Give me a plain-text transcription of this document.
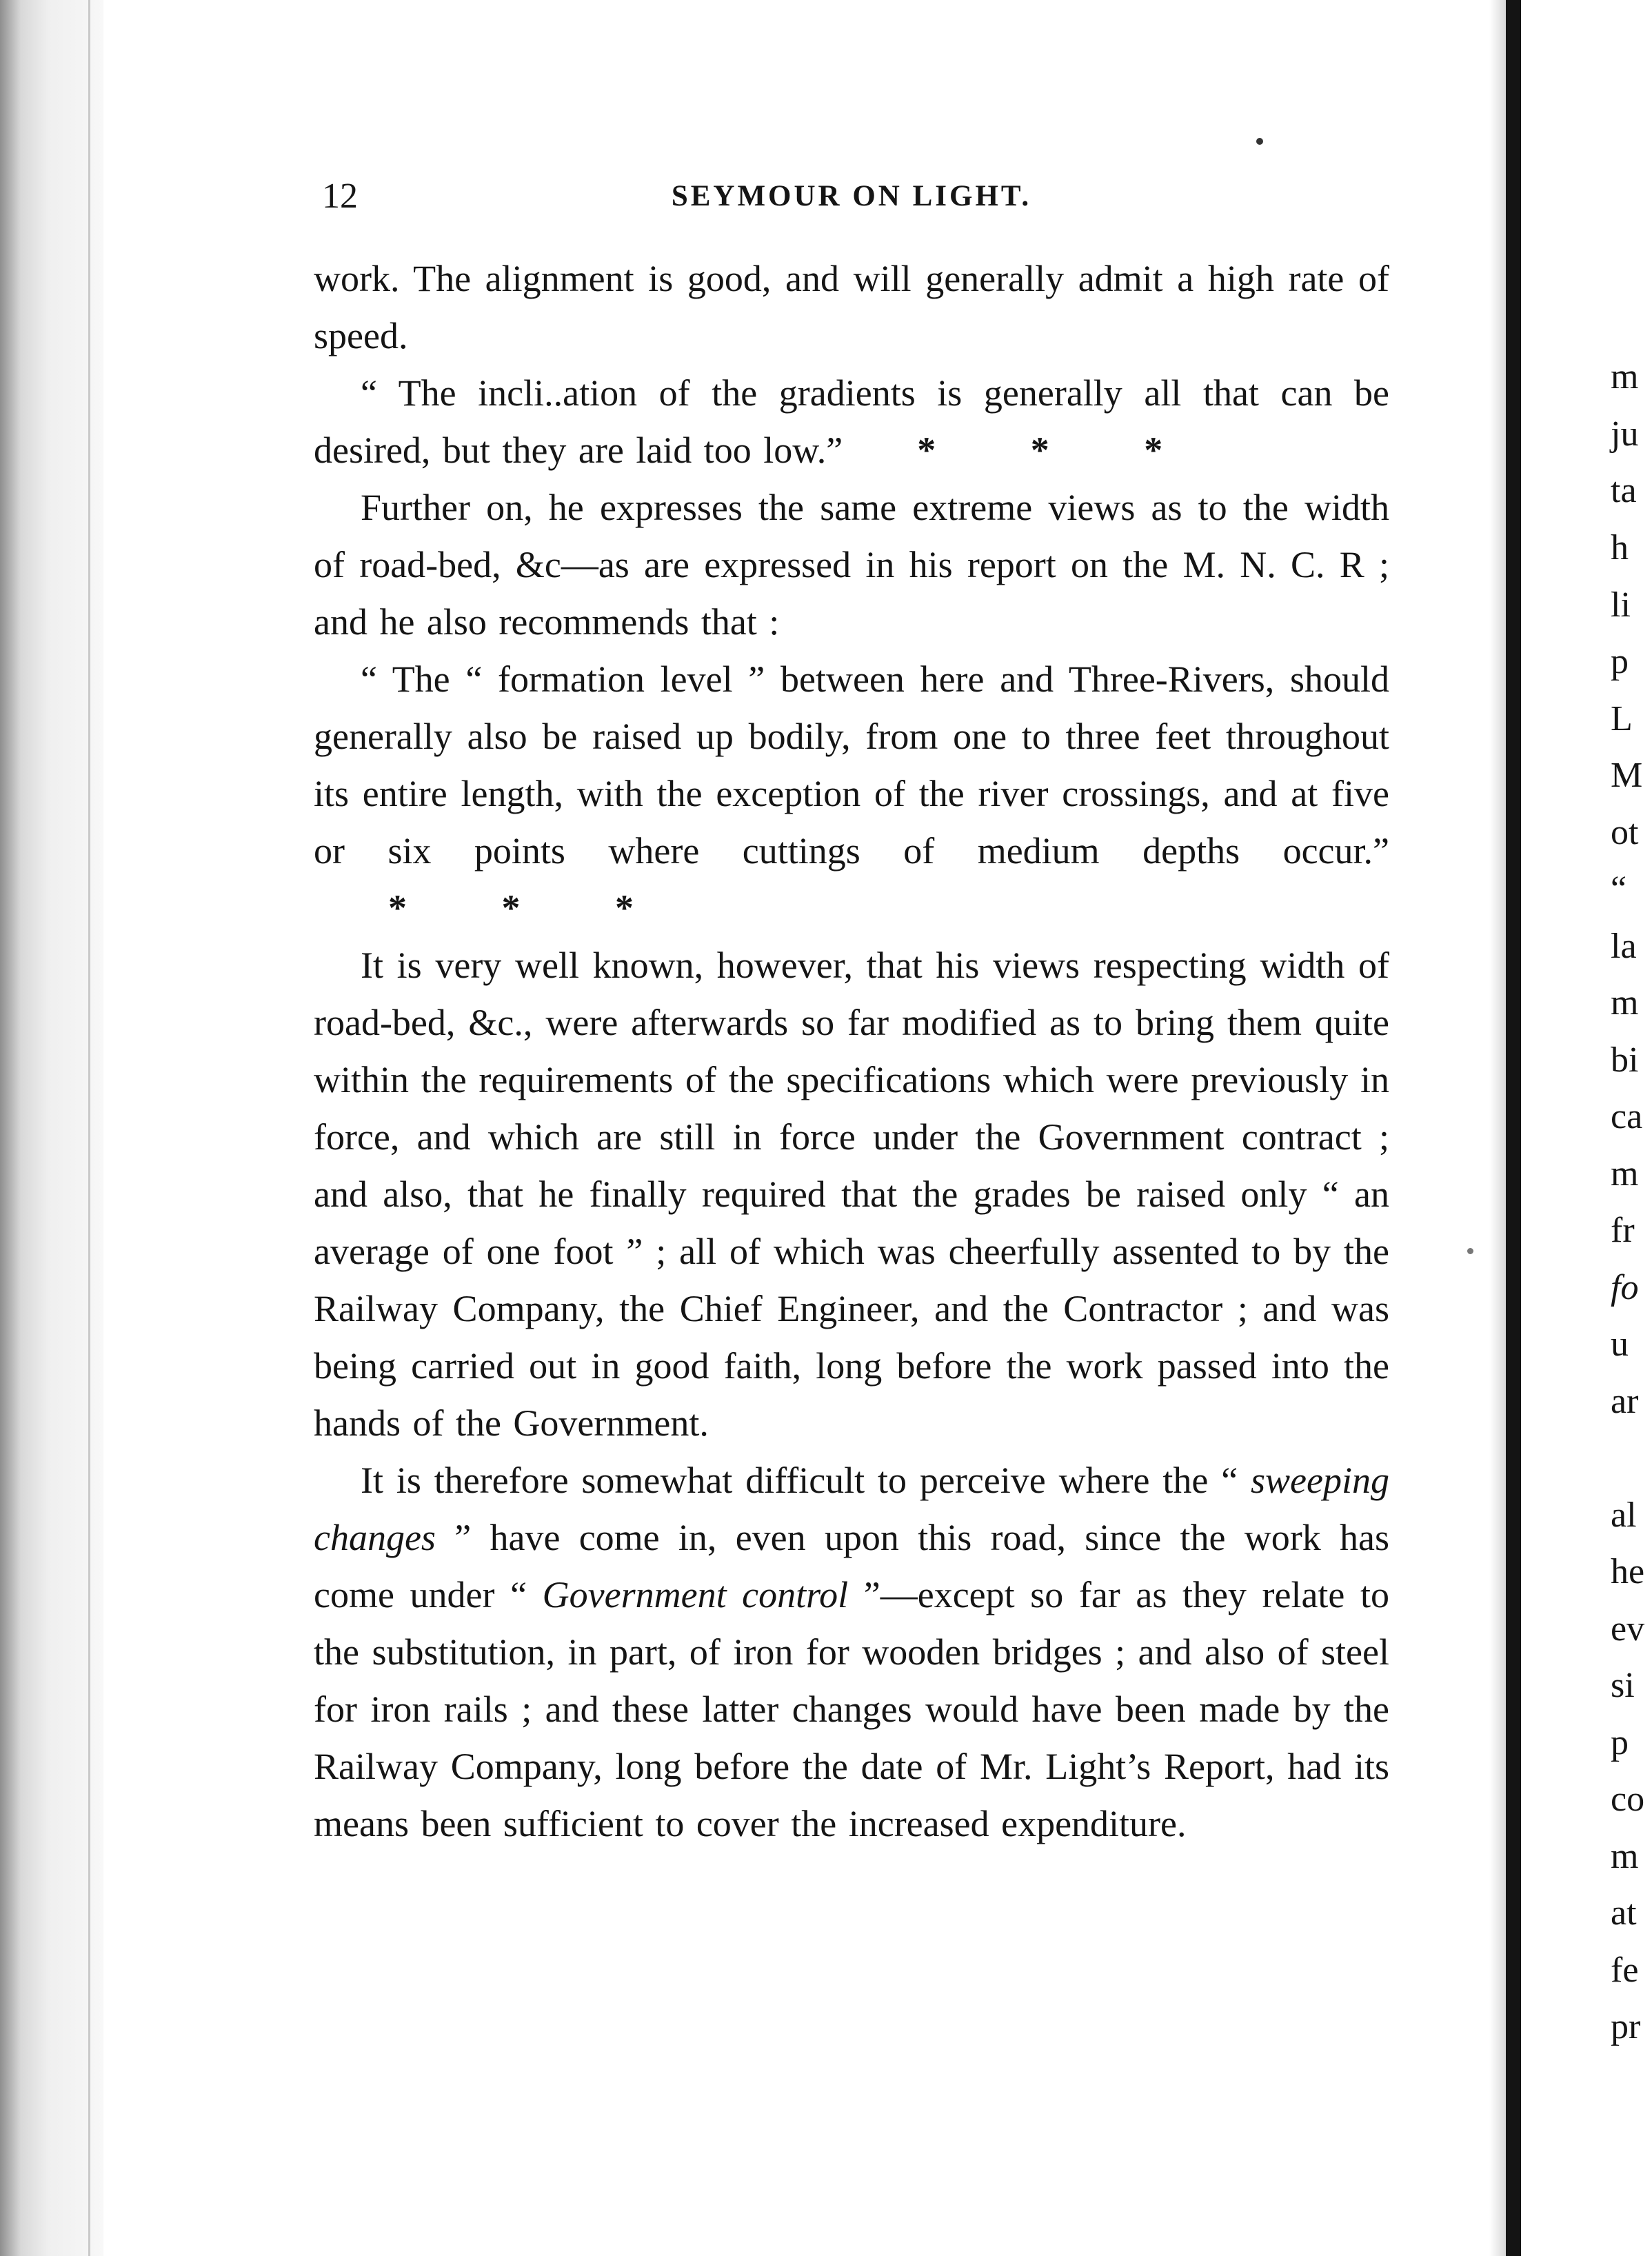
12	SEYMOUR ON LIGHT.

work. The alignment is good, and will generally admit a high rate of speed.

“ The incli..ation of the gradients is generally all that can be desired, but they are laid too low.” * * *

Further on, he expresses the same extreme views as to the width of road-bed, &c—as are expressed in his report on the M. N. C. R ; and he also recommends that :

“ The “ formation level ” between here and Three-Rivers, should generally also be raised up bodily, from one to three feet throughout its entire length, with the exception of the river crossings, and at five or six points where cuttings of medium depths occur.”* * *

It is very well known, however, that his views respecting width of road-bed, &c., were afterwards so far modified as to bring them quite within the requirements of the specifications which were previously in force, and which are still in force under the Government contract ; and also, that he finally required that the grades be raised only “ an average of one foot ” ; all of which was cheerfully assented to by the Railway Company, the Chief Engineer, and the Contractor ; and was being carried out in good faith, long before the work passed into the hands of the Government.

It is therefore somewhat difficult to perceive where the “ sweeping changes ” have come in, even upon this road, since the work has come under “ Government control ”—except so far as they relate to the substitution, in part, of iron for wooden bridges ; and also of steel for iron rails ; and these latter changes would have been made by the Railway Company, long before the date of Mr. Light’s Report, had its means been sufficient to cover the increased expenditure.

m
ju
ta
h
li
p
L
M
ot
“
la
m
bi
ca
m
fr
fo
u
ar
al
he
ev
si
p
co
m
at
fe
pr
